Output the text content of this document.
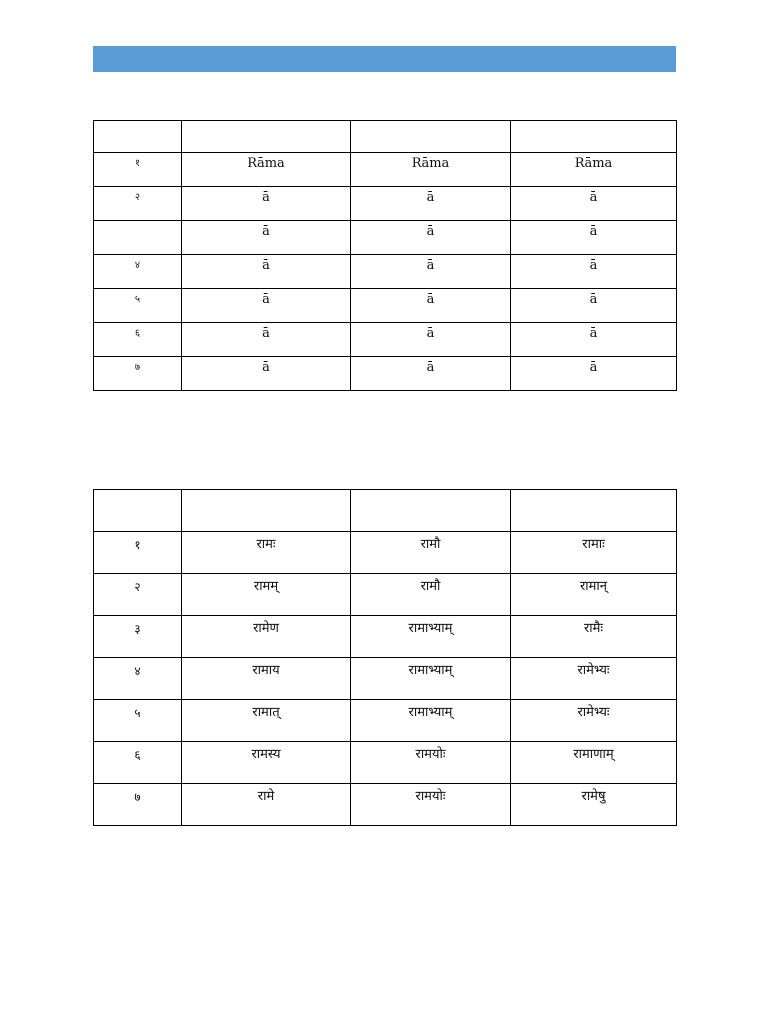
१	Rāma	Rāma	Rāma
२	ā	ā	ā
	ā	ā	ā
४	ā	ā	ā
५	ā	ā	ā
६	ā	ā	ā
७	ā	ā	ā

१	रामः	रामौ	रामाः
२	रामम्	रामौ	रामान्
३	रामेण	रामाभ्याम्	रामैः
४	रामाय	रामाभ्याम्	रामेभ्यः
५	रामात्	रामाभ्याम्	रामेभ्यः
६	रामस्य	रामयोः	रामाणाम्
७	रामे	रामयोः	रामेषु
